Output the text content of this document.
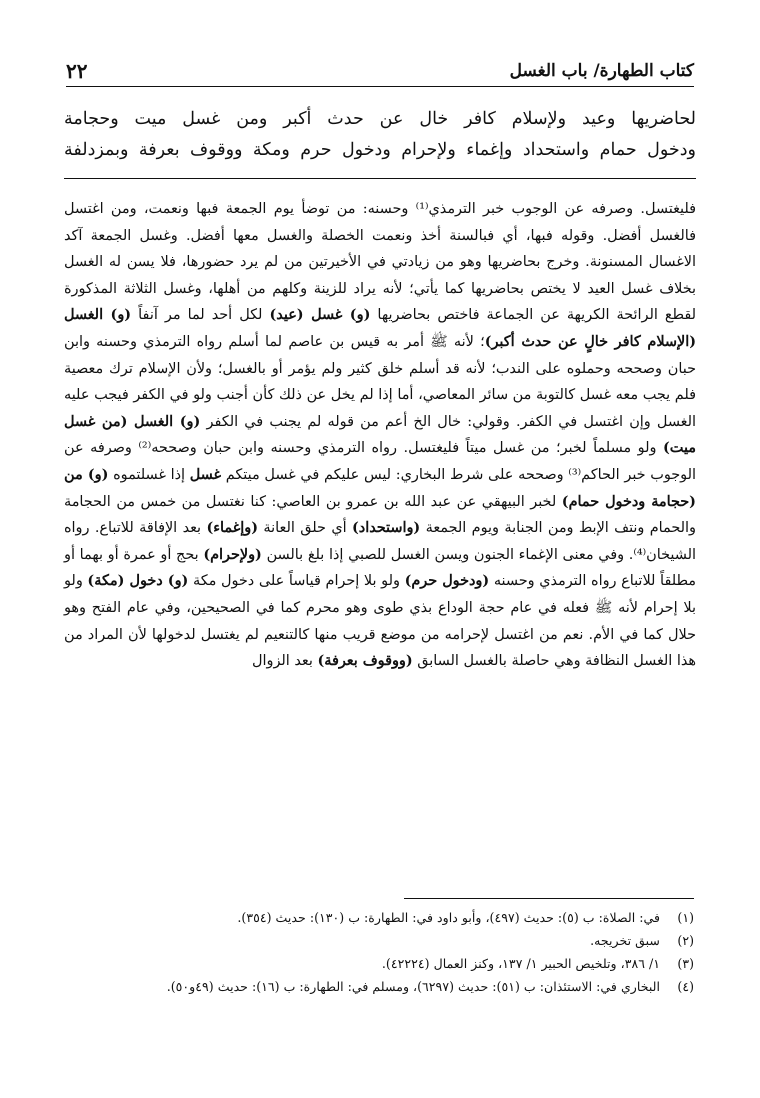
كتاب الطهارة/ باب الغسل
٢٢

لحاضريها وعيد ولإسلام كافر خال عن حدث أكبر ومن غسل ميت وحجامة

ودخول حمام واستحداد وإغماء ولإحرام ودخول حرم ومكة ووقوف بعرفة وبمزدلفة

فليغتسل. وصرفه عن الوجوب خبر الترمذي⁽¹⁾ وحسنه: من توضأ يوم الجمعة فبها ونعمت، ومن اغتسل فالغسل أفضل. وقوله فبها، أي فبالسنة أخذ ونعمت الخصلة والغسل معها أفضل. وغسل الجمعة آكد الاغسال المسنونة. وخرج بحاضريها وهو من زيادتي في الأخيرتين من لم يرد حضورها، فلا يسن له الغسل بخلاف غسل العيد لا يختص بحاضريها كما يأتي؛ لأنه يراد للزينة وكلهم من أهلها، وغسل الثلاثة المذكورة لقطع الرائحة الكريهة عن الجماعة فاختص بحاضريها (و) غسل (عيد) لكل أحد لما مر آنفاً (و) الغسل (الإسلام كافر خالٍ عن حدث أكبر)؛ لأنه ﷺ أمر به قيس بن عاصم لما أسلم رواه الترمذي وحسنه وابن حبان وصححه وحملوه على الندب؛ لأنه قد أسلم خلق كثير ولم يؤمر أو بالغسل؛ ولأن الإسلام ترك معصية فلم يجب معه غسل كالتوبة من سائر المعاصي، أما إذا لم يخل عن ذلك كأن أجنب ولو في الكفر فيجب عليه الغسل وإن اغتسل في الكفر. وقولي: خال الخ أعم من قوله لم يجنب في الكفر (و) الغسل (من غسل ميت) ولو مسلماً لخبر؛ من غسل ميتاً فليغتسل. رواه الترمذي وحسنه وابن حبان وصححه⁽²⁾ وصرفه عن الوجوب خبر الحاكم⁽³⁾ وصححه على شرط البخاري: ليس عليكم في غسل ميتكم غسل إذا غسلتموه (و) من (حجامة ودخول حمام) لخبر البيهقي عن عبد الله بن عمرو بن العاصي: كنا نغتسل من خمس من الحجامة والحمام ونتف الإبط ومن الجنابة ويوم الجمعة (واستحداد) أي حلق العانة (وإغماء) بعد الإفاقة للاتباع. رواه الشيخان⁽⁴⁾. وفي معنى الإغماء الجنون ويسن الغسل للصبي إذا بلغ بالسن (ولإحرام) بحج أو عمرة أو بهما أو مطلقاً للاتباع رواه الترمذي وحسنه (ودخول حرم) ولو بلا إحرام قياساً على دخول مكة (و) دخول (مكة) ولو بلا إحرام لأنه ﷺ فعله في عام حجة الوداع بذي طوى وهو محرم كما في الصحيحين، وفي عام الفتح وهو حلال كما في الأم. نعم من اغتسل لإحرامه من موضع قريب منها كالتنعيم لم يغتسل لدخولها لأن المراد من هذا الغسل النظافة وهي حاصلة بالغسل السابق (ووقوف بعرفة) بعد الزوال

(١)
في: الصلاة: ب (٥): حديث (٤٩٧)، وأبو داود في: الطهارة: ب (١٣٠): حديث (٣٥٤).
(٢)
سبق تخريجه.
(٣)
١/ ٣٨٦، وتلخيص الحبير ١/ ١٣٧، وكنز العمال (٤٢٢٢٤).
(٤)
البخاري في: الاستئذان: ب (٥١): حديث (٦٢٩٧)، ومسلم في: الطهارة: ب (١٦): حديث (٤٩و٥٠).
